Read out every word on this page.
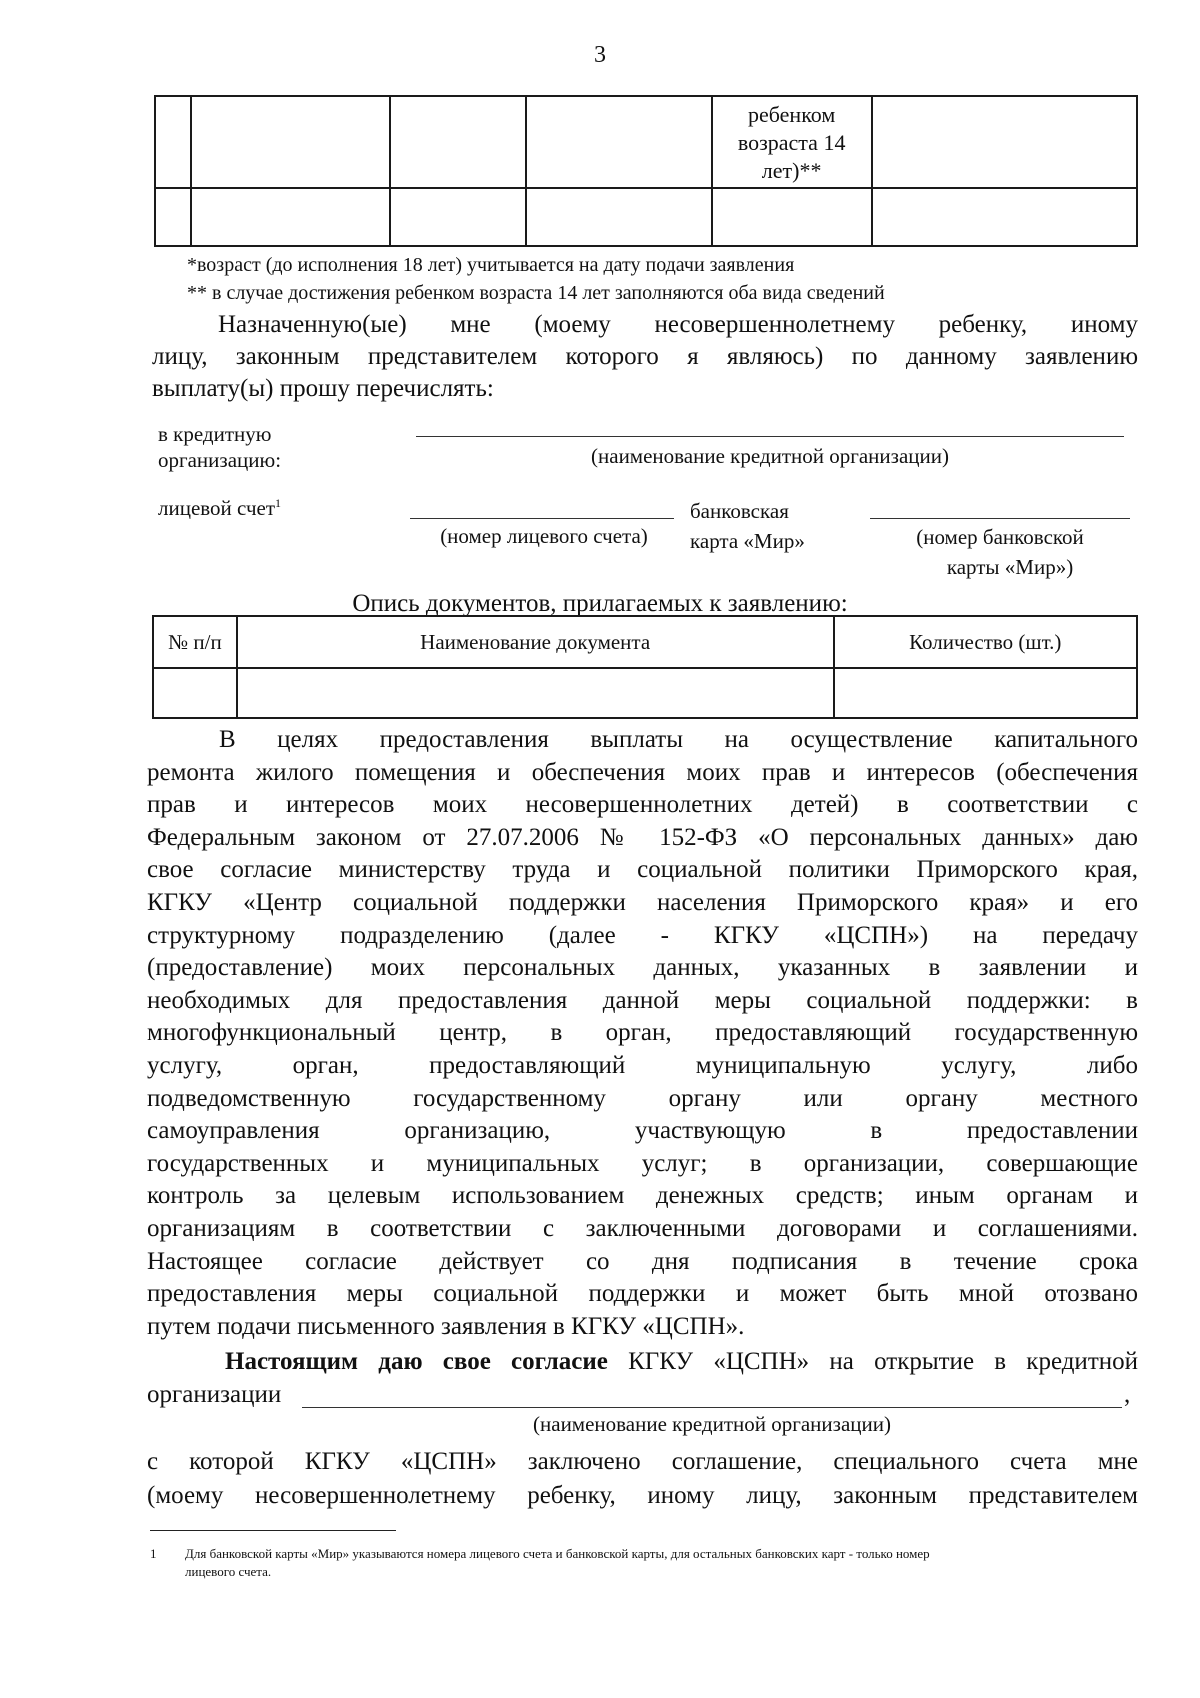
3

				ребенком
возраста 14
лет)**	

*возраст (до исполнения 18 лет) учитывается на дату подачи заявления
** в случае достижения ребенком возраста 14 лет заполняются оба вида сведений
Назначенную(ые) мне (моему несовершеннолетнему ребенку, иному
лицу, законным представителем которого я являюсь) по данному заявлению
выплату(ы) прошу перечислять:
в кредитную
организацию:	(наименование кредитной организации)
лицевой счет$^1$
(номер лицевого счета)
банковская
карта «Мир»	(номер банковской
карты «Мир»)
Опись документов, прилагаемых к заявлению:
№ п/п	Наименование документа	Количество (шт.)

В целях предоставления выплаты на осуществление капитального
ремонта жилого помещения и обеспечения моих прав и интересов (обеспечения
прав и интересов моих несовершеннолетних детей) в соответствии с
Федеральным законом от 27.07.2006 № 152-ФЗ «О персональных данных» даю
свое согласие министерству труда и социальной политики Приморского края,
КГКУ «Центр социальной поддержки населения Приморского края» и его
структурному подразделению (далее - КГКУ «ЦСПН») на передачу
(предоставление) моих персональных данных, указанных в заявлении и
необходимых для предоставления данной меры социальной поддержки: в
многофункциональный центр, в орган, предоставляющий государственную
услугу, орган, предоставляющий муниципальную услугу, либо
подведомственную государственному органу или органу местного
самоуправления организацию, участвующую в предоставлении
государственных и муниципальных услуг; в организации, совершающие
контроль за целевым использованием денежных средств; иным органам и
организациям в соответствии с заключенными договорами и соглашениями.
Настоящее согласие действует со дня подписания в течение срока
предоставления меры социальной поддержки и может быть мной отозвано
путем подачи письменного заявления в КГКУ «ЦСПН».
Настоящим даю свое согласие КГКУ «ЦСПН» на открытие в кредитной
организации	,
(наименование кредитной организации)
с которой КГКУ «ЦСПН» заключено соглашение, специального счета мне
(моему несовершеннолетнему ребенку, иному лицу, законным представителем
1 Для банковской карты «Мир» указываются номера лицевого счета и банковской карты, для остальных банковских карт - только номер
лицевого счета.
